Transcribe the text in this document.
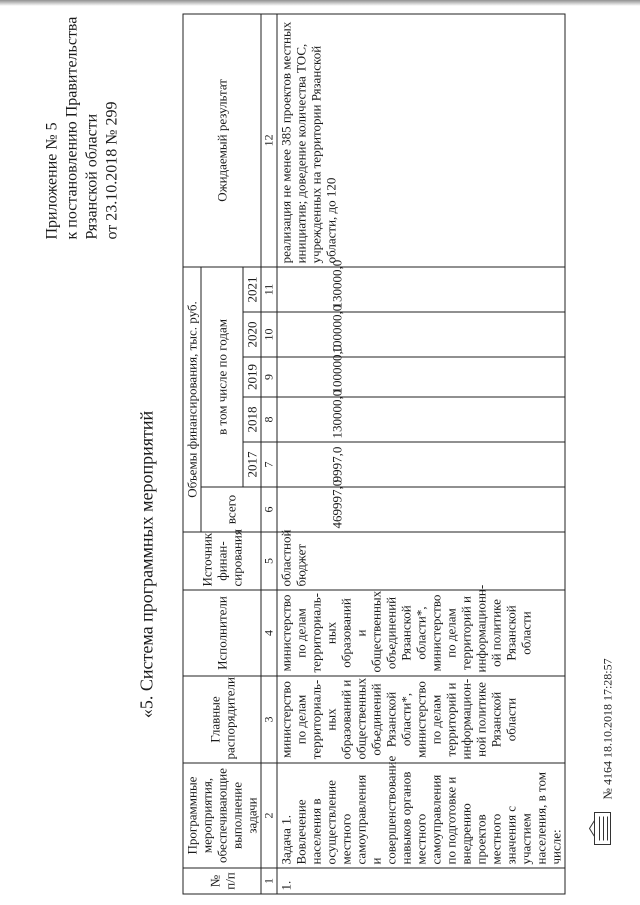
Приложение № 5 к постановлению Правительства Рязанской области от 23.10.2018 № 299
«5. Система программных мероприятий
№ п/п	Программные мероприятия, обеспечивающие выполнение задачи	Главные распорядители	Исполнители	Источник финан-сирования	Объемы финансирования, тыс. руб.						Ожидаемый результат
					всего	в том числе по годам					
						2017	2018	2019	2020	2021	
1	2	3	4	5	6	7	8	9	10	11	12
1.	Задача 1. Вовлечение населения в осуществление местного самоуправления и совершенствование навыков органов местного самоуправления по подготовке и внедрению проектов местного значения с участием населения, в том числе:	министерство по делам территориаль-ных образований и общественных объединений Рязанской области*, министерство по делам территорий и информацион-ной политике Рязанской области	министерство по делам территориаль-ных образований и общественных объединений Рязанской области*, министерство по делам территорий и информационн-ой политике Рязанской области	областной бюджет	469997,0	9997,0	130000,0	100000,0	100000,0	130000,0	реализация не менее 385 проектов местных инициатив; доведение количества ТОС, учрежденных на территории Рязанской области, до 120
№ 4164 18.10.2018 17:28:57
